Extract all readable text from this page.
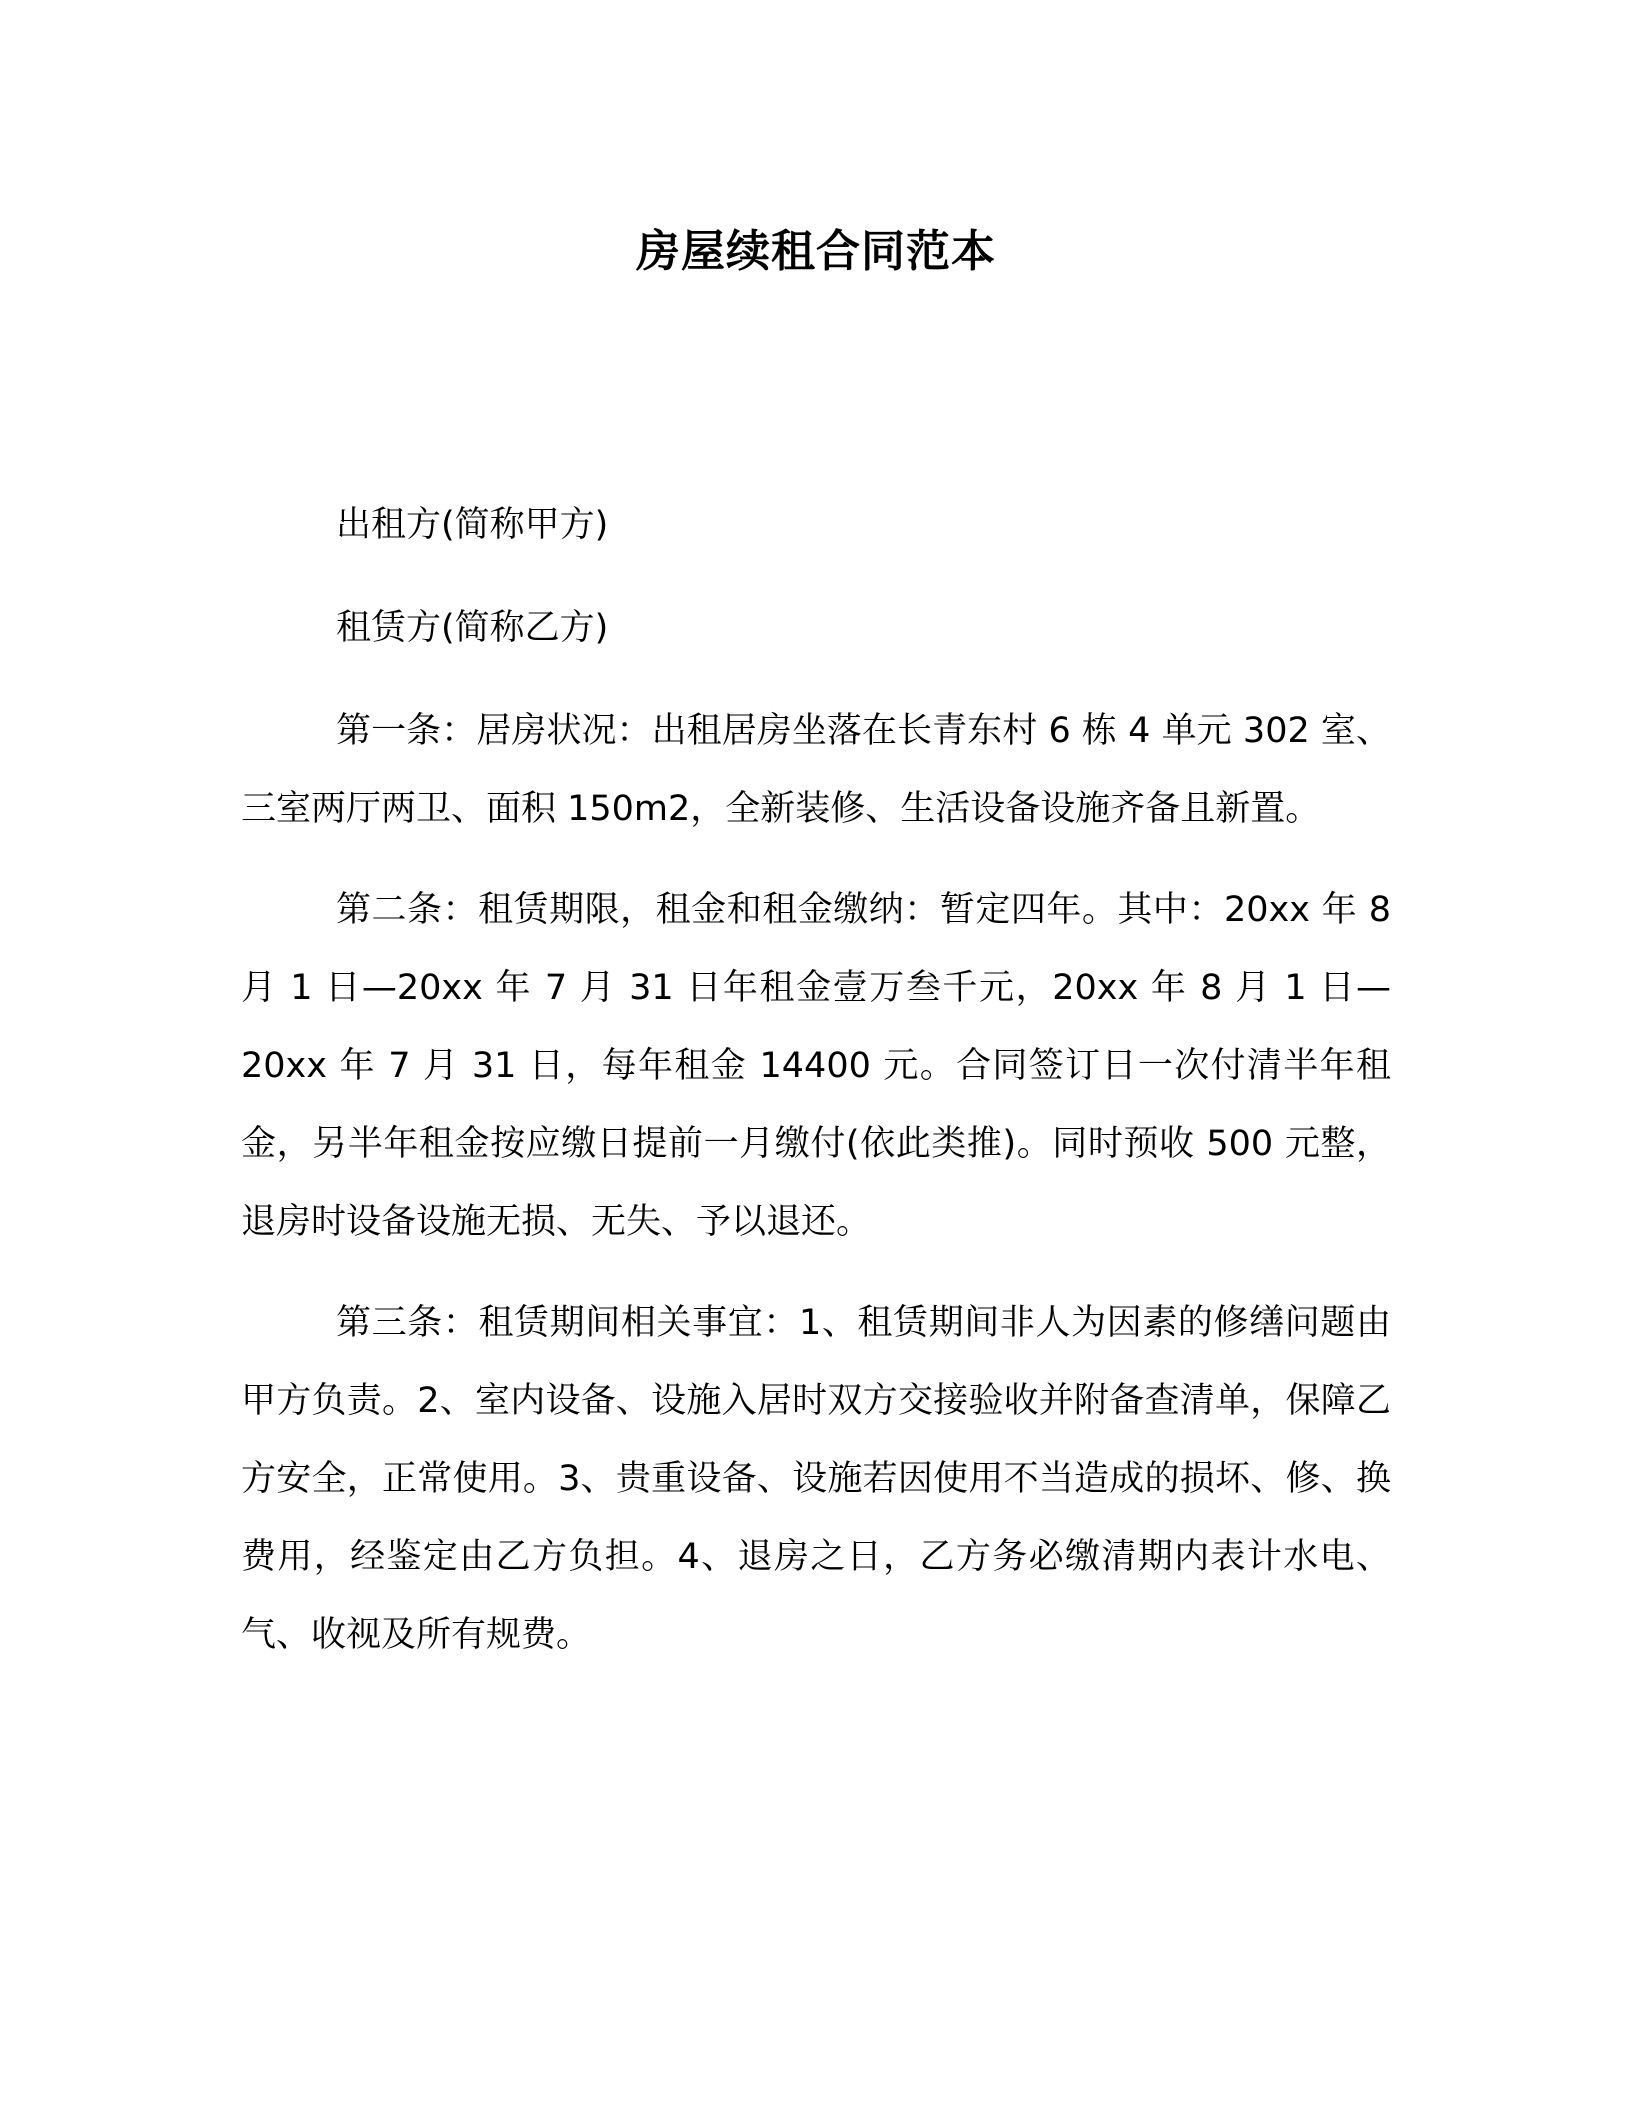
房屋续租合同范本

出租方(简称甲方)

租赁方(简称乙方)

第一条：居房状况：出租居房坐落在长青东村 6 栋 4 单元 302 室、三室两厅两卫、面积 150m2，全新装修、生活设备设施齐备且新置。

第二条：租赁期限，租金和租金缴纳：暂定四年。其中：20xx 年 8 月 1 日—20xx 年 7 月 31 日年租金壹万叁千元，20xx 年 8 月 1 日—20xx 年 7 月 31 日，每年租金 14400 元。合同签订日一次付清半年租金，另半年租金按应缴日提前一月缴付(依此类推)。同时预收 500 元整，退房时设备设施无损、无失、予以退还。

第三条：租赁期间相关事宜：1、租赁期间非人为因素的修缮问题由甲方负责。2、室内设备、设施入居时双方交接验收并附备查清单，保障乙方安全，正常使用。3、贵重设备、设施若因使用不当造成的损坏、修、换费用，经鉴定由乙方负担。4、退房之日，乙方务必缴清期内表计水电、气、收视及所有规费。
